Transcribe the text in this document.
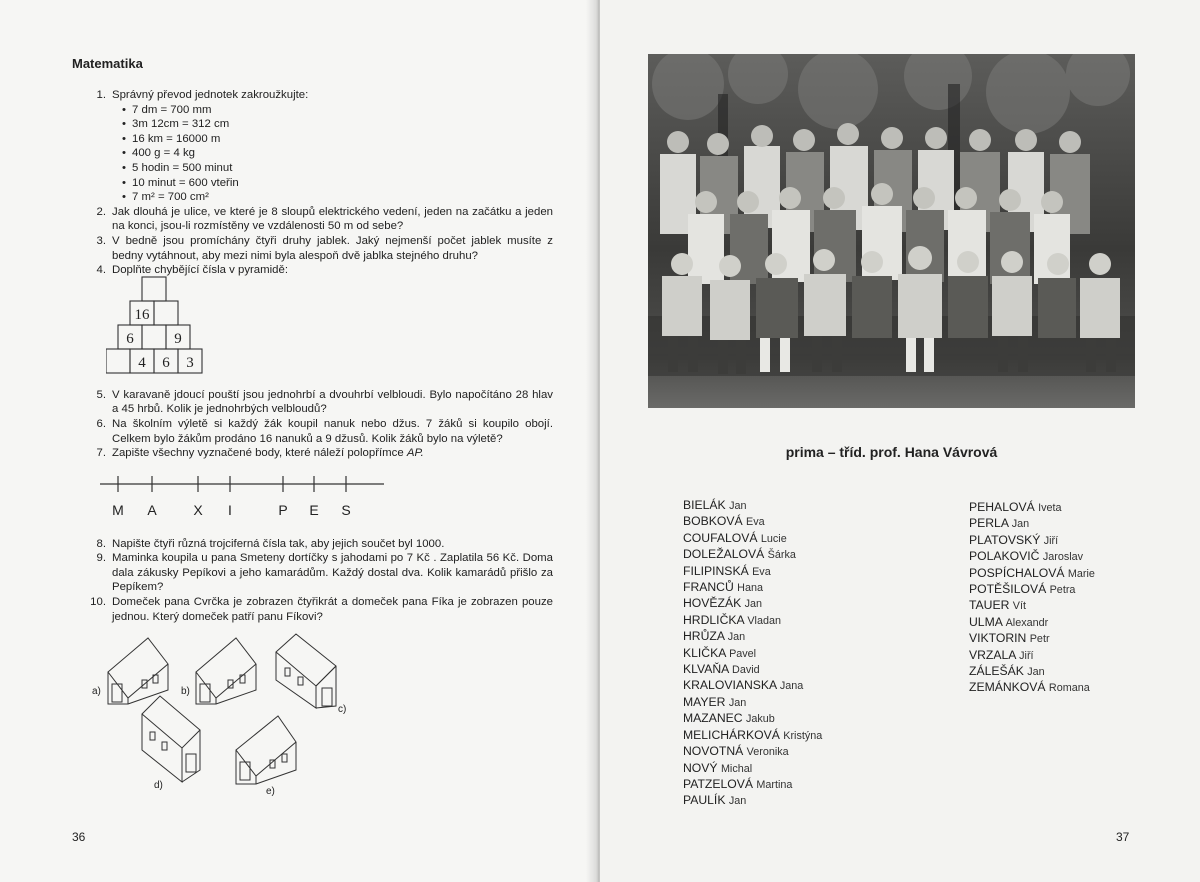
Matematika
1. Správný převod jednotek zakroužkujte:
• 7 dm = 700 mm
• 3m 12cm = 312 cm
• 16 km = 16000 m
• 400 g = 4 kg
• 5 hodin = 500 minut
• 10 minut = 600 vteřin
• 7 m² = 700 cm²
2. Jak dlouhá je ulice, ve které je 8 sloupů elektrického vedení, jeden na začátku a jeden na konci, jsou-li rozmístěny ve vzdálenosti 50 m od sebe?
3. V bedně jsou promíchány čtyři druhy jablek. Jaký nejmenší počet jablek musíte z bedny vytáhnout, aby mezi nimi byla alespoň dvě jablka stejného druhu?
4. Doplňte chybějící čísla v pyramidě:
5. V karavaně jdoucí pouští jsou jednohrbí a dvouhrbí velbloudi. Bylo napočítáno 28 hlav a 45 hrbů. Kolik je jednohrbých velbloudů?
6. Na školním výletě si každý žák koupil nanuk nebo džus. 7 žáků si koupilo obojí. Celkem bylo žákům prodáno 16 nanuků a 9 džusů. Kolik žáků bylo na výletě?
7. Zapište všechny vyznačené body, které náleží polopřímce AP.
8. Napište čtyři různá trojciferná čísla tak, aby jejich součet byl 1000.
9. Maminka koupila u pana Smeteny dortíčky s jahodami po 7 Kč . Zaplatila 56 Kč. Doma dala zákusky Pepíkovi a jeho kamarádům. Každý dostal dva. Kolik kamarádů přišlo za Pepíkem?
10. Domeček pana Cvrčka je zobrazen čtyřikrát a domeček pana Fíka je zobrazen pouze jednou. Který domeček patří panu Fíkovi?
16
6	9
4 6 3
M A	X I	P E S
a)	b)
c)
d)
e)
36
prima – tříd. prof. Hana Vávrová
BIELÁK Jan
BOBKOVÁ Eva
COUFALOVÁ Lucie
DOLEŽALOVÁ Šárka
FILIPINSKÁ Eva
FRANCŮ Hana
HOVĚZÁK Jan
HRDLIČKA Vladan
HRŮZA Jan
KLIČKA Pavel
KLVAŇA David
KRALOVIANSKA Jana
MAYER Jan
MAZANEC Jakub
MELICHÁRKOVÁ Kristýna
NOVOTNÁ Veronika
NOVÝ Michal
PATZELOVÁ Martina
PAULÍK Jan
PEHALOVÁ Iveta
PERLA Jan
PLATOVSKÝ Jiří
POLAKOVIČ Jaroslav
POSPÍCHALOVÁ Marie
POTĚŠILOVÁ Petra
TAUER Vít
ULMA Alexandr
VIKTORIN Petr
VRZALA Jiří
ZÁLEŠÁK Jan
ZEMÁNKOVÁ Romana
37
